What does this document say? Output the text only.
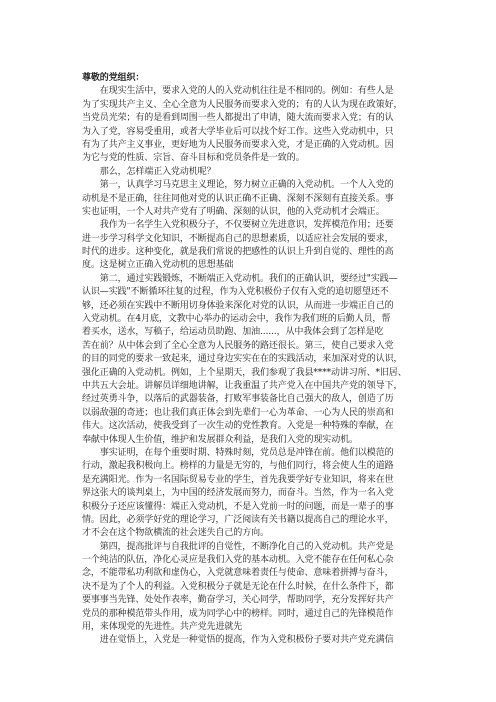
尊敬的党组织：
　　在现实生活中，要求入党的人的入党动机往往是不相同的。例如：有些人是
为了实现共产主义、全心全意为人民服务而要求入党的；有的人认为现在政策好，
当党员光荣；有的是看到周围一些人都提出了申请，随大流而要求入党；有的认
为入了党，容易受重用，或者大学毕业后可以找个好工作。这些入党动机中，只
有为了共产主义事业，更好地为人民服务而要求入党，才是正确的入党动机。因
为它与党的性质、宗旨、奋斗目标和党员条件是一致的。
　　那么，怎样端正入党动机呢？
　　第一，认真学习马克思主义理论，努力树立正确的入党动机。一个人入党的
动机是不是正确，往往同他对党的认识正确不正确、深刻不深刻有直接关系。事
实也证明，一个人对共产党有了明确、深刻的认识，他的入党动机才会端正。
　　我作为一名学生入党积极分子，不仅要树立先进意识，发挥模范作用；还要
进一步学习科学文化知识，不断提高自己的思想素质，以适应社会发展的要求，
时代的进步。这种变化，就是我们常说的把感性的认识上升到自觉的、理性的高
度。这是树立正确入党动机的思想基础
　　第二，通过实践锻炼，不断端正入党动机。我们的正确认识，要经过"实践—
认识—实践"不断循环往复的过程，作为入党积极份子仅有入党的追切愿望还不
够，还必须在实践中不断用切身体验来深化对党的认识，从而进一步端正自己的
入党动机。在4月底，文教中心举办的运动会中，我作为我们班的后勤人员，帮
着买水，送水，写稿子，给运动员助跑、加油......，从中我体会到了怎样是吃
苦在前？从中体会到了全心全意为人民服务的路还很长。第三，使自己要求入党
的目的同党的要求一致起来，通过身边实实在在的实践活动，来加深对党的认识，
强化正确的入党动机。例如，上个星期天，我们参观了我县****动讲习所、*旧居、
中共五大会址。讲解员详细地讲解，让我重温了共产党入在中国共产党的领导下，
经过英勇斗争，以落后的武器装备，打败军事装备比自己强大的敌人，创造了历
以弱敌强的奇迹；也让我们真正体会到先辈们一心为革命、一心为人民的崇高和
伟大。这次活动，使我受到了一次生动的党性教育。入党是一种特殊的奉献，在
奉献中体现人生价值，维护和发展群众利益，是我们入党的现实动机。
　　事实证明，在每个重要时期、特殊时刻，党员总是冲锋在前。他们以模范的
行动，激起我积极向上。榜样的力量是无穷的，与他们同行，将会使人生的道路
是充满阳光。作为一名国际贸易专业的学生，首先我要学好专业知识，将来在世
界这张大的谈判桌上，为中国的经济发展而努力，而奋斗。当然，作为一名入党
积极分子还应该懂得：端正入党动机，不是入党前一时的问题，而是一辈子的事
情。因此，必须学好党的理论学习，广泛阅读有关书籍以提高自己的理论水平，
才不会在这个物欲横流的社会迷失自己的方向。
　　第四，提高批评与自我批评的自觉性，不断净化自己的入党动机。共产党是
一个纯洁的队伍，净化心灵应是我们入党的基本动机。入党不能存在任何私心杂
念，不能带私功利欲和虚伪心，入党就意味着责任与使命、意味着拼搏与奋斗，
决不是为了个人的利益。入党积极分子就是无论在什么时候，在什么条件下，都
要事事当先锋、处处作表率，勤奋学习，关心同学，帮助同学，充分发挥好共产
党员的那种模范带头作用，成为同学心中的榜样。同时，通过自己的先锋模范作
用，来体现党的先进性。共产党先进就先
　　进在觉悟上，入党是一种觉悟的提高，作为入党积极份子要对共产党充满信
